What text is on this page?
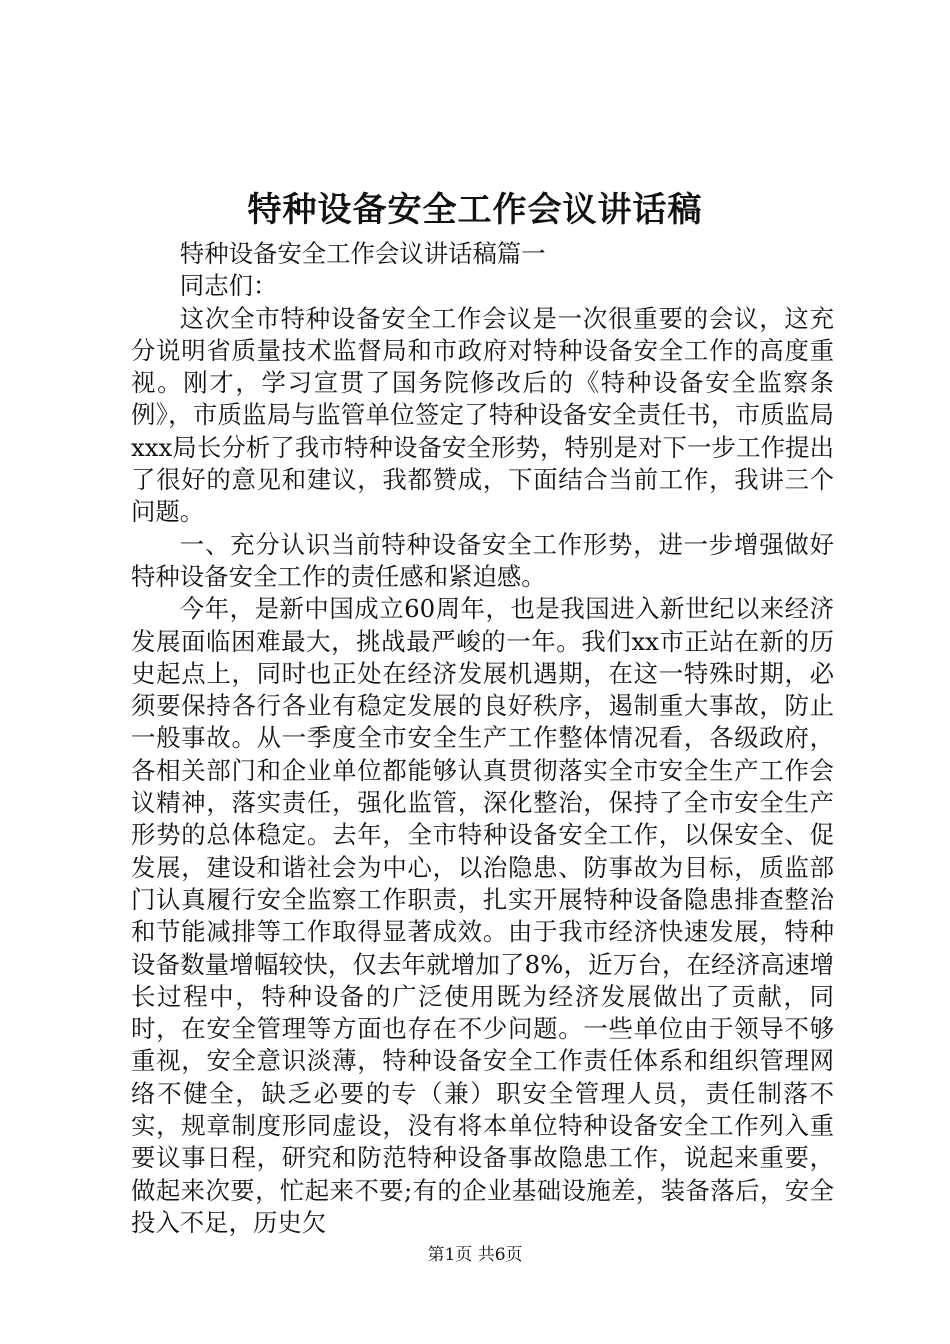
特种设备安全工作会议讲话稿

特种设备安全工作会议讲话稿篇一

同志们：

这次全市特种设备安全工作会议是一次很重要的会议，这充分说明省质量技术监督局和市政府对特种设备安全工作的高度重视。刚才，学习宣贯了国务院修改后的《特种设备安全监察条例》，市质监局与监管单位签定了特种设备安全责任书，市质监局xxx局长分析了我市特种设备安全形势，特别是对下一步工作提出了很好的意见和建议，我都赞成，下面结合当前工作，我讲三个问题。

一、充分认识当前特种设备安全工作形势，进一步增强做好特种设备安全工作的责任感和紧迫感。

今年，是新中国成立60周年，也是我国进入新世纪以来经济发展面临困难最大，挑战最严峻的一年。我们xx市正站在新的历史起点上，同时也正处在经济发展机遇期，在这一特殊时期，必须要保持各行各业有稳定发展的良好秩序，遏制重大事故，防止一般事故。从一季度全市安全生产工作整体情况看，各级政府，各相关部门和企业单位都能够认真贯彻落实全市安全生产工作会议精神，落实责任，强化监管，深化整治，保持了全市安全生产形势的总体稳定。去年，全市特种设备安全工作，以保安全、促发展，建设和谐社会为中心，以治隐患、防事故为目标，质监部门认真履行安全监察工作职责，扎实开展特种设备隐患排查整治和节能减排等工作取得显著成效。由于我市经济快速发展，特种设备数量增幅较快，仅去年就增加了8%，近万台，在经济高速增长过程中，特种设备的广泛使用既为经济发展做出了贡献，同时，在安全管理等方面也存在不少问题。一些单位由于领导不够重视，安全意识淡薄，特种设备安全工作责任体系和组织管理网络不健全，缺乏必要的专（兼）职安全管理人员，责任制落不实，规章制度形同虚设，没有将本单位特种设备安全工作列入重要议事日程，研究和防范特种设备事故隐患工作，说起来重要，做起来次要，忙起来不要;有的企业基础设施差，装备落后，安全投入不足，历史欠

第1页 共6页
